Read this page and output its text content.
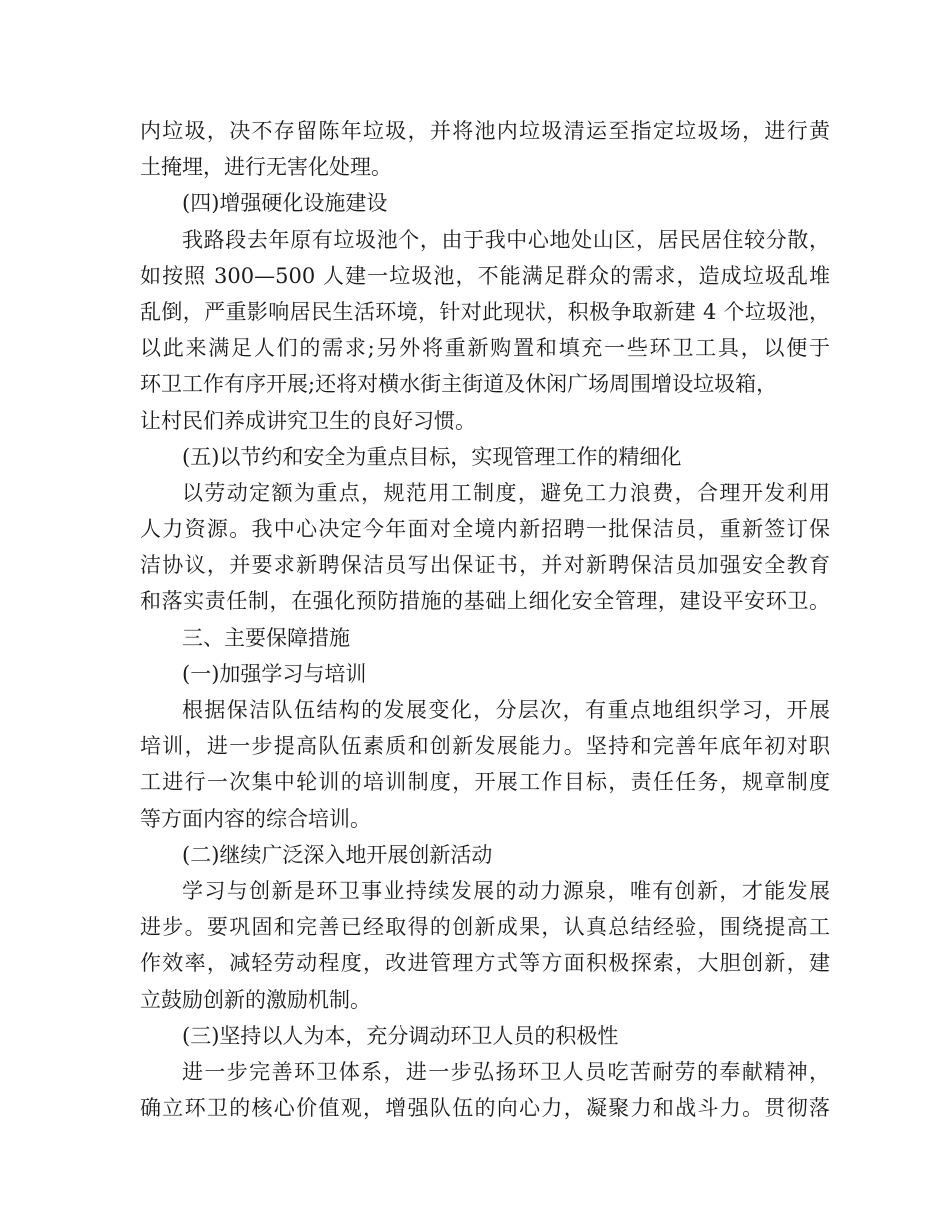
内垃圾，决不存留陈年垃圾，并将池内垃圾清运至指定垃圾场，进行黄
土掩埋，进行无害化处理。
(四)增强硬化设施建设
我路段去年原有垃圾池个，由于我中心地处山区，居民居住较分散，
如按照 300—500 人建一垃圾池，不能满足群众的需求，造成垃圾乱堆
乱倒，严重影响居民生活环境，针对此现状，积极争取新建 4 个垃圾池，
以此来满足人们的需求;另外将重新购置和填充一些环卫工具，以便于
环卫工作有序开展;还将对横水街主街道及休闲广场周围增设垃圾箱，
让村民们养成讲究卫生的良好习惯。
(五)以节约和安全为重点目标，实现管理工作的精细化
以劳动定额为重点，规范用工制度，避免工力浪费，合理开发利用
人力资源。我中心决定今年面对全境内新招聘一批保洁员，重新签订保
洁协议，并要求新聘保洁员写出保证书，并对新聘保洁员加强安全教育
和落实责任制，在强化预防措施的基础上细化安全管理，建设平安环卫。
三、主要保障措施
(一)加强学习与培训
根据保洁队伍结构的发展变化，分层次，有重点地组织学习，开展
培训，进一步提高队伍素质和创新发展能力。坚持和完善年底年初对职
工进行一次集中轮训的培训制度，开展工作目标，责任任务，规章制度
等方面内容的综合培训。
(二)继续广泛深入地开展创新活动
学习与创新是环卫事业持续发展的动力源泉，唯有创新，才能发展
进步。要巩固和完善已经取得的创新成果，认真总结经验，围绕提高工
作效率，减轻劳动程度，改进管理方式等方面积极探索，大胆创新，建
立鼓励创新的激励机制。
(三)坚持以人为本，充分调动环卫人员的积极性
进一步完善环卫体系，进一步弘扬环卫人员吃苦耐劳的奉献精神，
确立环卫的核心价值观，增强队伍的向心力，凝聚力和战斗力。贯彻落
